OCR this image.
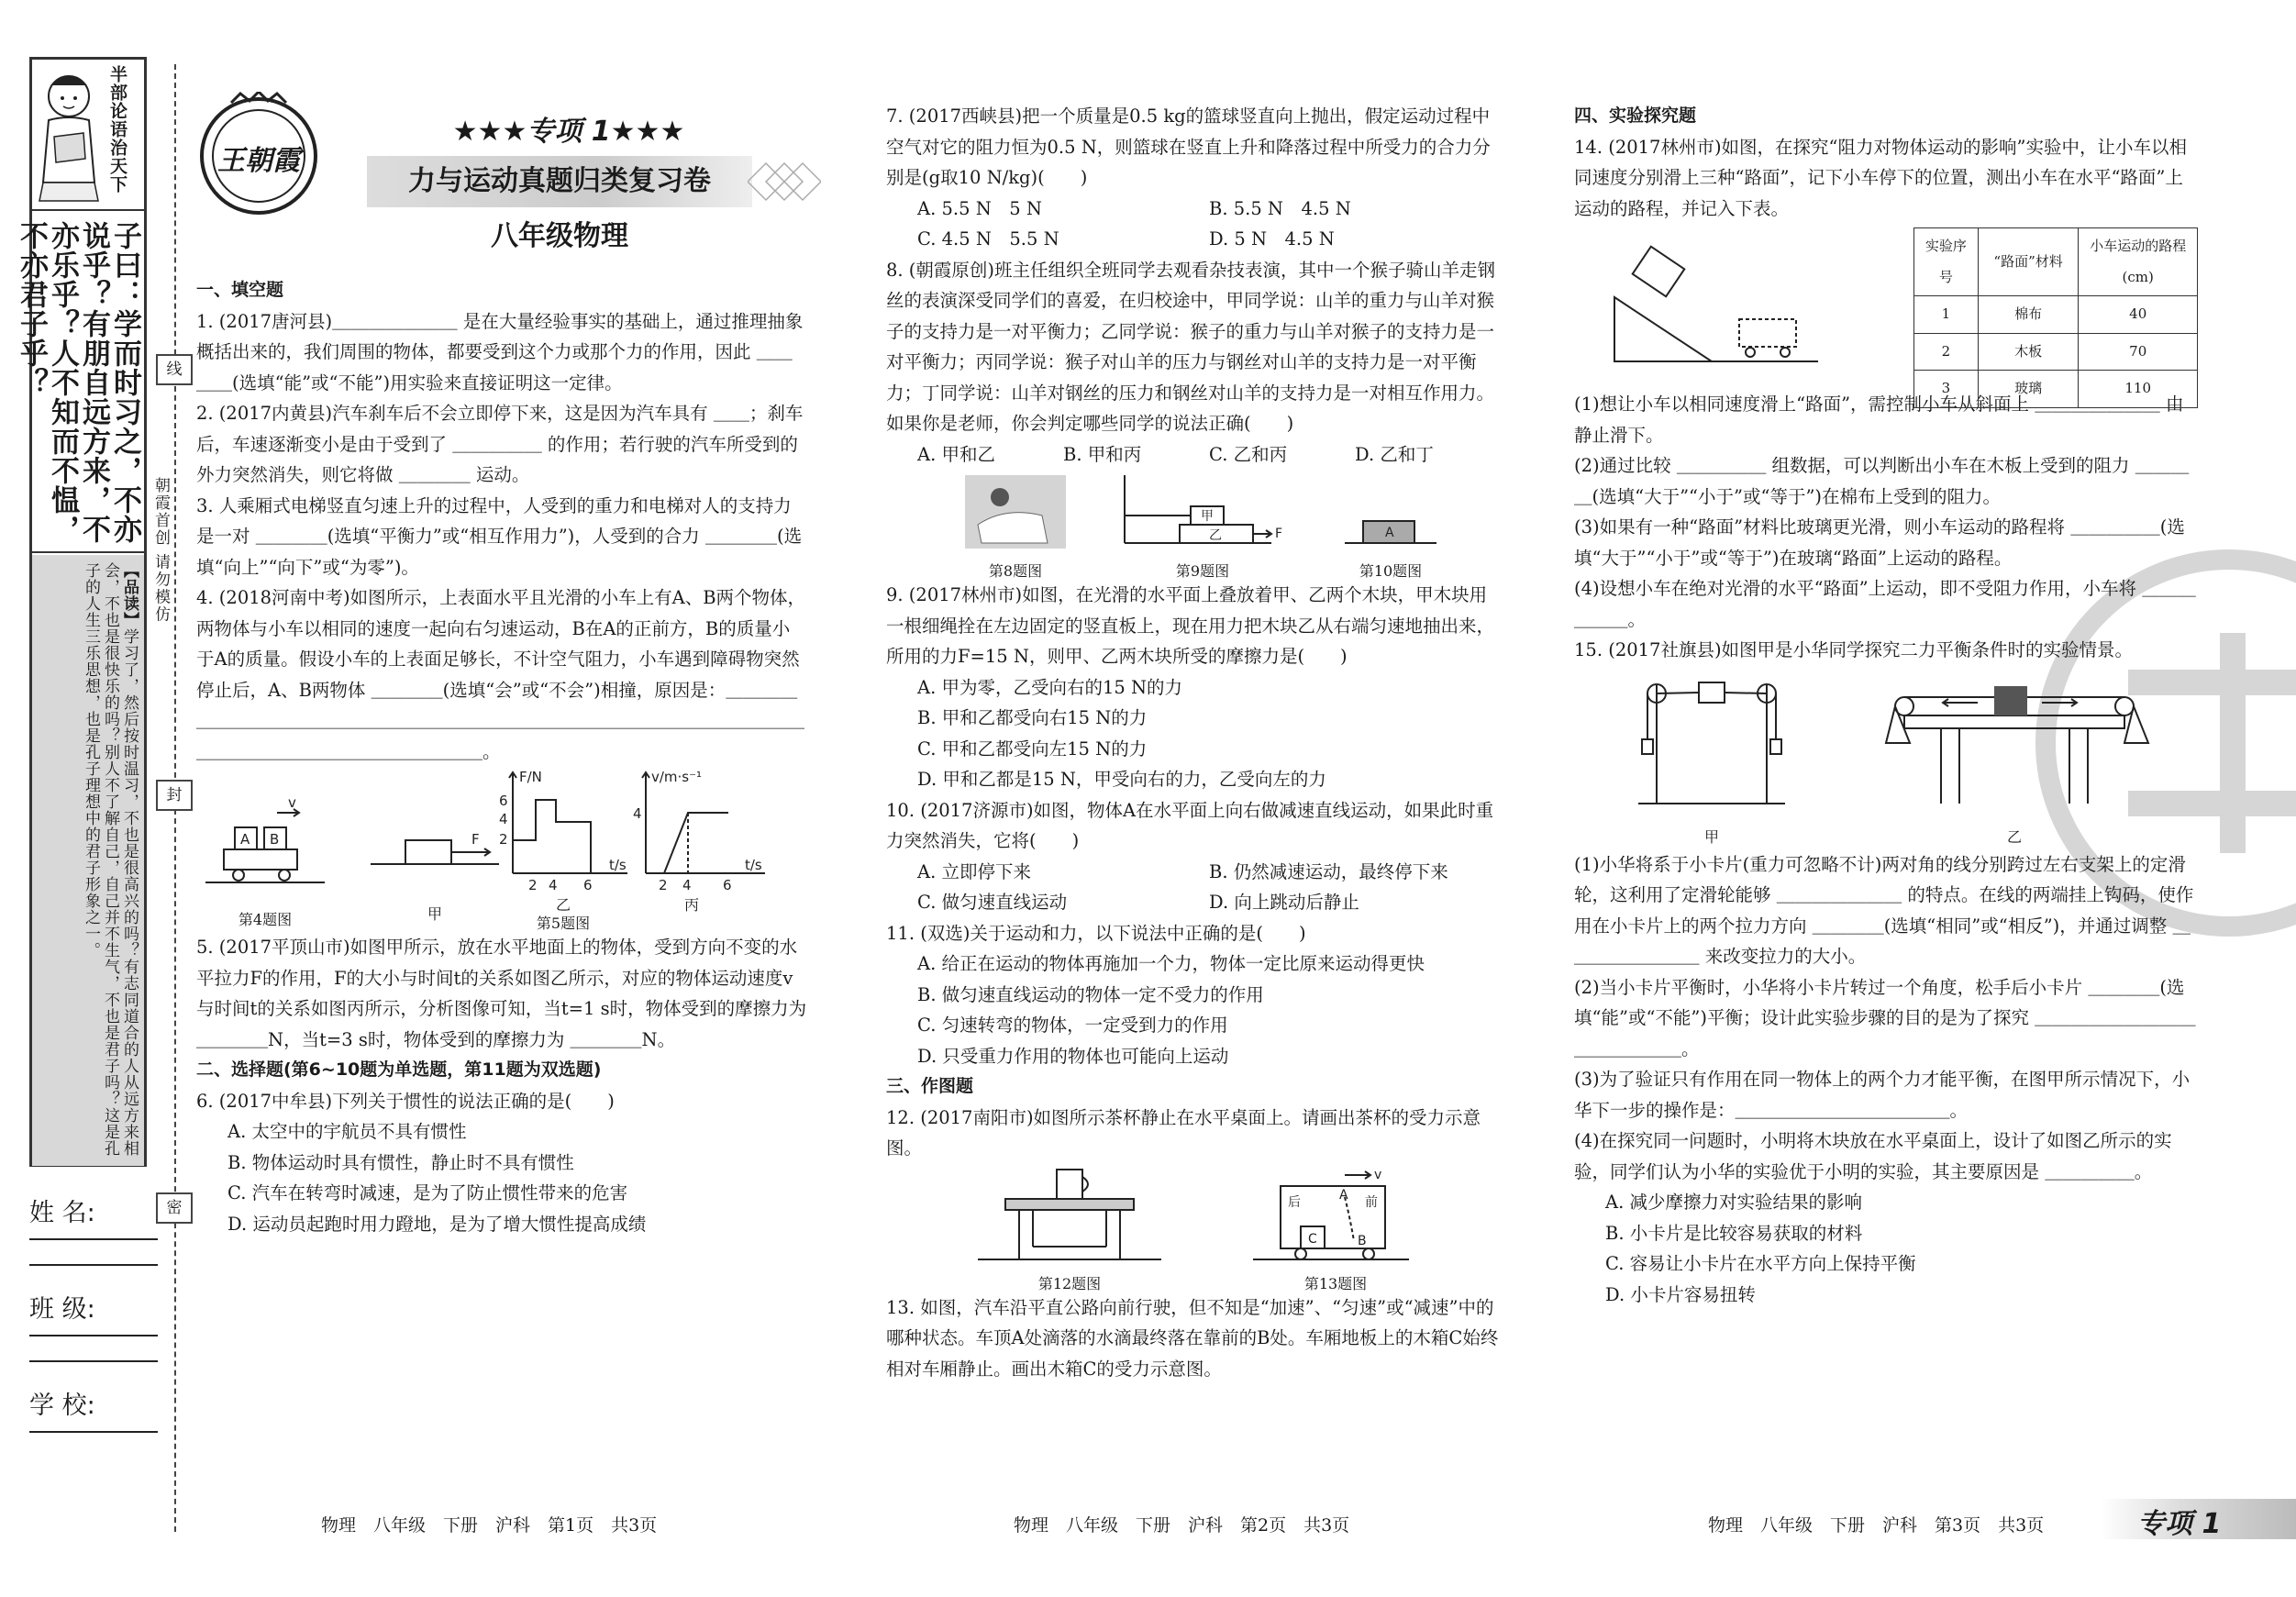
半部论语治天下
子曰：学而时习之，不亦说乎？有朋自远方来，不亦乐乎？人不知而不愠，不亦君子乎？
【品读】学习了，然后按时温习，不也是很高兴的吗？有志同道合的人从远方来相会，不也是很快乐的吗？别人不了解自己，自己并不生气，不也是君子吗？这是孔子的人生三乐思想，也是孔子理想中的君子形象之一。
姓 名:
班 级:
学 校:
线
封
密
朝霞首创 请勿模仿
王朝霞
★★★专项 1★★★
力与运动真题归类复习卷
八年级物理

一、填空题

1. (2017唐河县)＿＿＿＿＿＿＿ 是在大量经验事实的基础上，通过推理抽象概括出来的，我们周围的物体，都要受到这个力或那个力的作用，因此 ＿＿＿＿(选填“能”或“不能”)用实验来直接证明这一定律。

2. (2017内黄县)汽车刹车后不会立即停下来，这是因为汽车具有 ＿＿；刹车后，车速逐渐变小是由于受到了 ＿＿＿＿＿ 的作用；若行驶的汽车所受到的外力突然消失，则它将做 ＿＿＿＿ 运动。

3. 人乘厢式电梯竖直匀速上升的过程中，人受到的重力和电梯对人的支持力是一对 ＿＿＿＿(选填“平衡力”或“相互作用力”)，人受到的合力 ＿＿＿＿(选填“向上”“向下”或“为零”)。

4. (2018河南中考)如图所示，上表面水平且光滑的小车上有A、B两个物体，两物体与小车以相同的速度一起向右匀速运动，B在A的正前方，B的质量小于A的质量。假设小车的上表面足够长，不计空气阻力，小车遇到障碍物突然停止后，A、B两物体 ＿＿＿＿(选填“会”或“不会”)相撞，原因是：＿＿＿＿＿＿＿＿＿＿＿＿＿＿＿＿＿＿＿＿＿＿＿＿＿＿＿＿＿＿＿＿＿＿＿＿＿＿＿＿＿＿＿＿＿＿＿＿＿＿＿＿＿＿。

A B
v
F
F/N
6
4
2
2 4 6
t/s
v/m·s⁻¹
4
2 4 6
t/s
第4题图	甲
乙
第5题图
丙

5. (2017平顶山市)如图甲所示，放在水平地面上的物体，受到方向不变的水平拉力F的作用，F的大小与时间t的关系如图乙所示，对应的物体运动速度v与时间t的关系如图丙所示，分析图像可知，当t=1 s时，物体受到的摩擦力为 ＿＿＿＿N，当t=3 s时，物体受到的摩擦力为 ＿＿＿＿N。

二、选择题(第6~10题为单选题，第11题为双选题)

6. (2017中牟县)下列关于惯性的说法正确的是(　　)

A. 太空中的宇航员不具有惯性

B. 物体运动时具有惯性，静止时不具有惯性

C. 汽车在转弯时减速，是为了防止惯性带来的危害

D. 运动员起跑时用力蹬地，是为了增大惯性提高成绩

物理　八年级　下册　沪科　第1页　共3页

7. (2017西峡县)把一个质量是0.5 kg的篮球竖直向上抛出，假定运动过程中空气对它的阻力恒为0.5 N，则篮球在竖直上升和降落过程中所受力的合力分别是(g取10 N/kg)(　　)

A. 5.5 N　5 N	B. 5.5 N　4.5 N
C. 4.5 N　5.5 N	D. 5 N　4.5 N

8. (朝霞原创)班主任组织全班同学去观看杂技表演，其中一个猴子骑山羊走钢丝的表演深受同学们的喜爱，在归校途中，甲同学说：山羊的重力与山羊对猴子的支持力是一对平衡力；乙同学说：猴子的重力与山羊对猴子的支持力是一对平衡力；丙同学说：猴子对山羊的压力与钢丝对山羊的支持力是一对平衡力；丁同学说：山羊对钢丝的压力和钢丝对山羊的支持力是一对相互作用力。如果你是老师，你会判定哪些同学的说法正确(　　)

A. 甲和乙	B. 甲和丙	C. 乙和丙	D. 乙和丁
甲
乙	F	A
第8题图	第9题图	第10题图

9. (2017林州市)如图，在光滑的水平面上叠放着甲、乙两个木块，甲木块用一根细绳拴在左边固定的竖直板上，现在用力把木块乙从右端匀速地抽出来，所用的力F=15 N，则甲、乙两木块所受的摩擦力是(　　)

A. 甲为零，乙受向右的15 N的力

B. 甲和乙都受向右15 N的力

C. 甲和乙都受向左15 N的力

D. 甲和乙都是15 N，甲受向右的力，乙受向左的力

10. (2017济源市)如图，物体A在水平面上向右做减速直线运动，如果此时重力突然消失，它将(　　)

A. 立即停下来	B. 仍然减速运动，最终停下来
C. 做匀速直线运动	D. 向上跳动后静止

11. (双选)关于运动和力，以下说法中正确的是(　　)

A. 给正在运动的物体再施加一个力，物体一定比原来运动得更快

B. 做匀速直线运动的物体一定不受力的作用

C. 匀速转弯的物体，一定受到力的作用

D. 只受重力作用的物体也可能向上运动

三、作图题

12. (2017南阳市)如图所示茶杯静止在水平桌面上。请画出茶杯的受力示意图。

A
C	B
后	前
v
第12题图	第13题图

13. 如图，汽车沿平直公路向前行驶，但不知是“加速”、“匀速”或“减速”中的哪种状态。车顶A处滴落的水滴最终落在靠前的B处。车厢地板上的木箱C始终相对车厢静止。画出木箱C的受力示意图。

物理　八年级　下册　沪科　第2页　共3页

四、实验探究题

14. (2017林州市)如图，在探究“阻力对物体运动的影响”实验中，让小车以相同速度分别滑上三种“路面”，记下小车停下的位置，测出小车在水平“路面”上运动的路程，并记入下表。

实验序号	“路面”材料	小车运动的路程(cm)
1	棉布	40
2	木板	70
3	玻璃	110

(1)想让小车以相同速度滑上“路面”，需控制小车从斜面上 ＿＿＿＿＿＿＿ 由静止滑下。

(2)通过比较 ＿＿＿＿＿ 组数据，可以判断出小车在木板上受到的阻力 ＿＿＿＿(选填“大于”“小于”或“等于”)在棉布上受到的阻力。

(3)如果有一种“路面”材料比玻璃更光滑，则小车运动的路程将 ＿＿＿＿＿(选填“大于”“小于”或“等于”)在玻璃“路面”上运动的路程。

(4)设想小车在绝对光滑的水平“路面”上运动，即不受阻力作用，小车将 ＿＿＿＿＿＿。

15. (2017社旗县)如图甲是小华同学探究二力平衡条件时的实验情景。

甲	乙

(1)小华将系于小卡片(重力可忽略不计)两对角的线分别跨过左右支架上的定滑轮，这利用了定滑轮能够 ＿＿＿＿＿＿＿ 的特点。在线的两端挂上钩码，使作用在小卡片上的两个拉力方向 ＿＿＿＿(选填“相同”或“相反”)，并通过调整 ＿＿＿＿＿＿＿＿ 来改变拉力的大小。

(2)当小卡片平衡时，小华将小卡片转过一个角度，松手后小卡片 ＿＿＿＿(选填“能”或“不能”)平衡；设计此实验步骤的目的是为了探究 ＿＿＿＿＿＿＿＿＿＿＿＿＿＿＿。

(3)为了验证只有作用在同一物体上的两个力才能平衡，在图甲所示情况下，小华下一步的操作是：＿＿＿＿＿＿＿＿＿＿＿＿。

(4)在探究同一问题时，小明将木块放在水平桌面上，设计了如图乙所示的实验，同学们认为小华的实验优于小明的实验，其主要原因是 ＿＿＿＿＿。

A. 减少摩擦力对实验结果的影响

B. 小卡片是比较容易获取的材料

C. 容易让小卡片在水平方向上保持平衡

D. 小卡片容易扭转

物理　八年级　下册　沪科　第3页　共3页	专项 1
